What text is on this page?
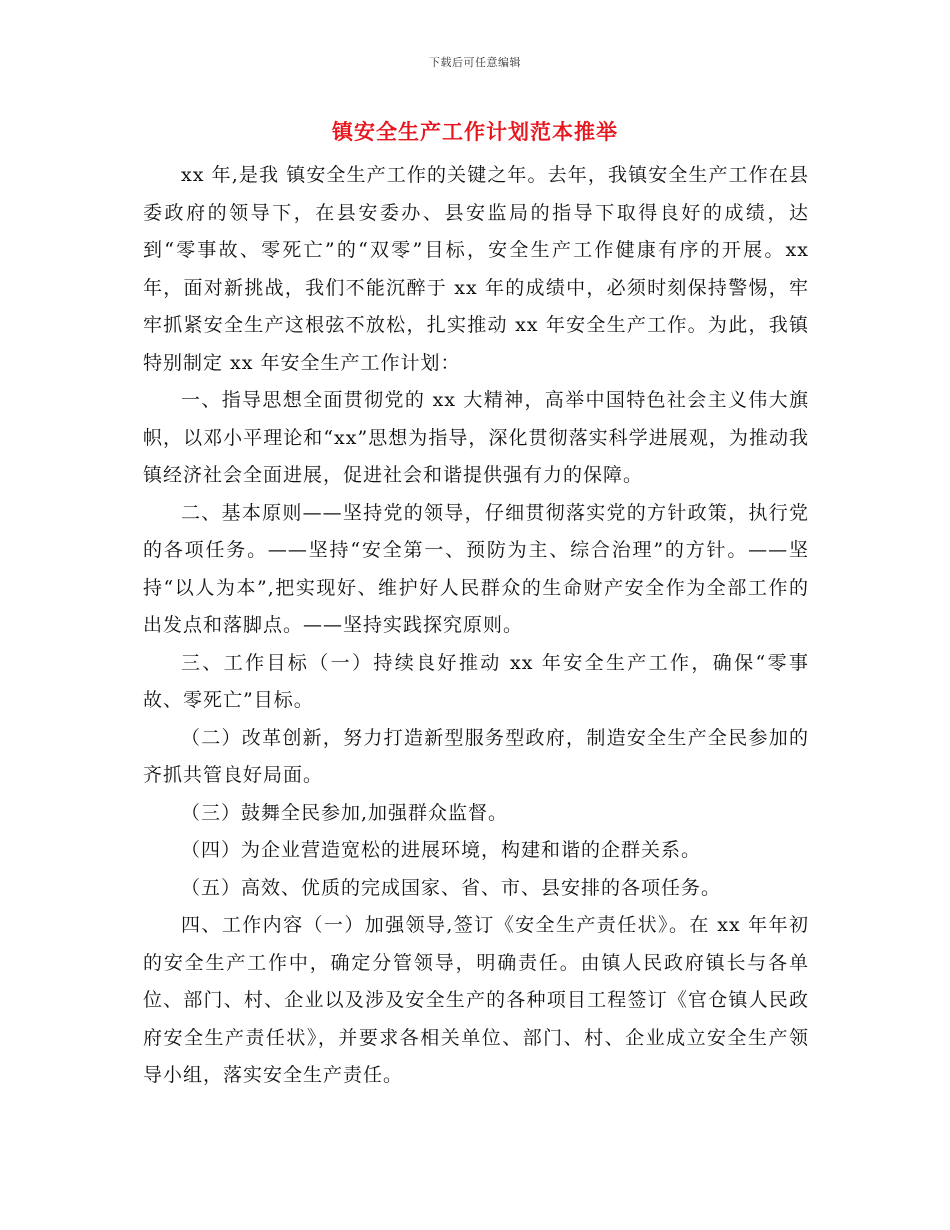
下载后可任意编辑
镇安全生产工作计划范本推举

xx 年,是我 镇安全生产工作的关键之年。去年，我镇安全生产工作在县委政府的领导下，在县安委办、县安监局的指导下取得良好的成绩，达到“零事故、零死亡”的“双零”目标，安全生产工作健康有序的开展。xx 年，面对新挑战，我们不能沉醉于 xx 年的成绩中，必须时刻保持警惕，牢牢抓紧安全生产这根弦不放松，扎实推动 xx 年安全生产工作。为此，我镇特别制定 xx 年安全生产工作计划：

一、指导思想全面贯彻党的 xx 大精神，高举中国特色社会主义伟大旗帜，以邓小平理论和“xx”思想为指导，深化贯彻落实科学进展观，为推动我镇经济社会全面进展，促进社会和谐提供强有力的保障。

二、基本原则——坚持党的领导，仔细贯彻落实党的方针政策，执行党的各项任务。——坚持“安全第一、预防为主、综合治理”的方针。——坚持“以人为本”,把实现好、维护好人民群众的生命财产安全作为全部工作的出发点和落脚点。——坚持实践探究原则。

三、工作目标（一）持续良好推动 xx 年安全生产工作，确保“零事故、零死亡”目标。

（二）改革创新，努力打造新型服务型政府，制造安全生产全民参加的齐抓共管良好局面。

（三）鼓舞全民参加,加强群众监督。

（四）为企业营造宽松的进展环境，构建和谐的企群关系。

（五）高效、优质的完成国家、省、市、县安排的各项任务。

四、工作内容（一）加强领导,签订《安全生产责任状》。在 xx 年年初的安全生产工作中，确定分管领导，明确责任。由镇人民政府镇长与各单位、部门、村、企业以及涉及安全生产的各种项目工程签订《官仓镇人民政府安全生产责任状》，并要求各相关单位、部门、村、企业成立安全生产领导小组，落实安全生产责任。
